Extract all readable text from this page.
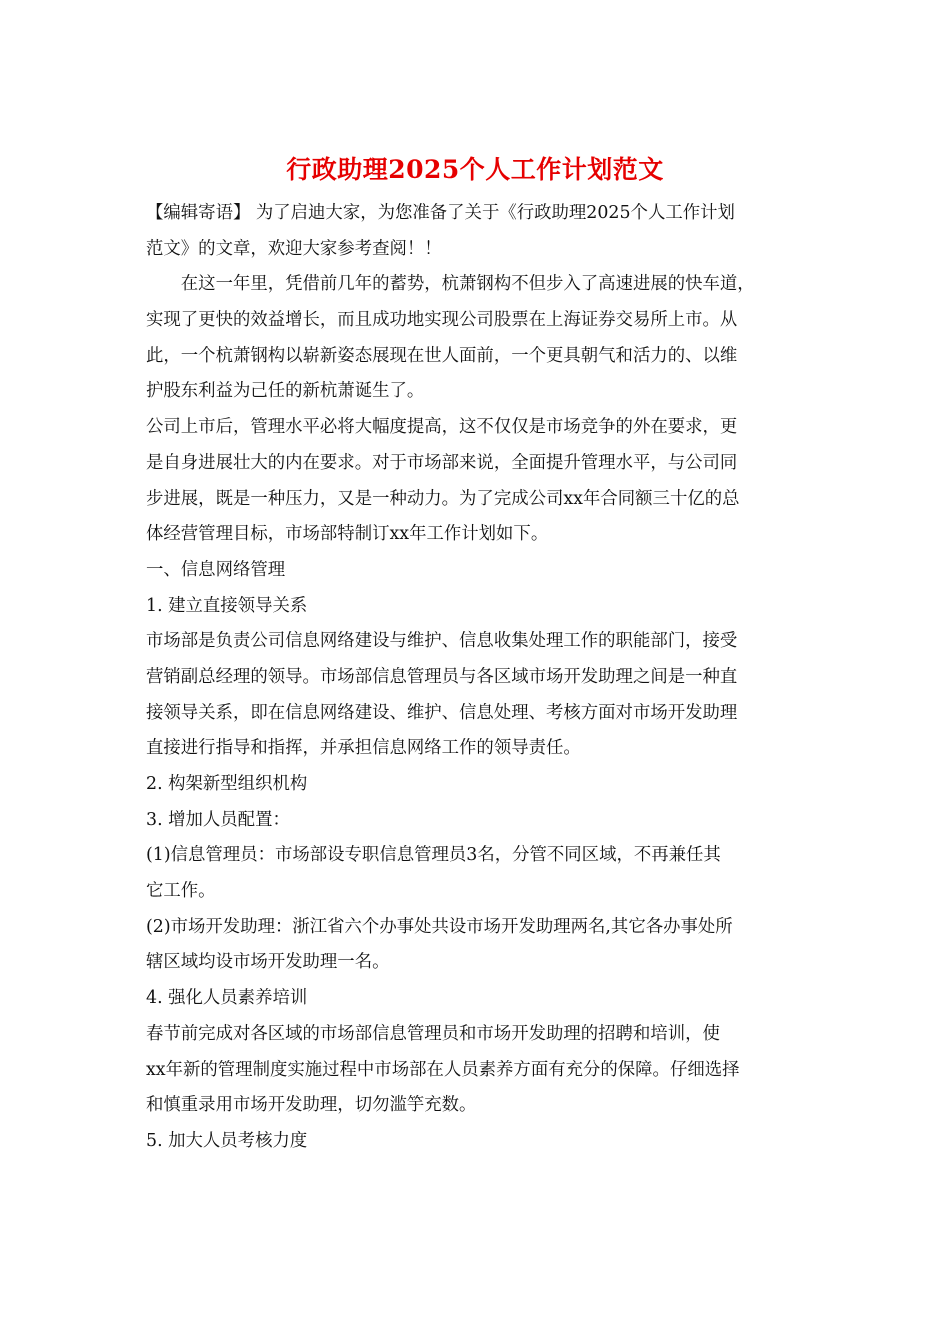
行政助理2025个人工作计划范文
【编辑寄语】 为了启迪大家，为您准备了关于《行政助理2025个人工作计划
范文》的文章，欢迎大家参考查阅！！
　　在这一年里，凭借前几年的蓄势，杭萧钢构不但步入了高速进展的快车道，
实现了更快的效益增长，而且成功地实现公司股票在上海证券交易所上市。从
此，一个杭萧钢构以崭新姿态展现在世人面前，一个更具朝气和活力的、以维
护股东利益为己任的新杭萧诞生了。
公司上市后，管理水平必将大幅度提高，这不仅仅是市场竞争的外在要求，更
是自身进展壮大的内在要求。对于市场部来说，全面提升管理水平，与公司同
步进展，既是一种压力，又是一种动力。为了完成公司xx年合同额三十亿的总
体经营管理目标，市场部特制订xx年工作计划如下。
一、信息网络管理
1. 建立直接领导关系
市场部是负责公司信息网络建设与维护、信息收集处理工作的职能部门，接受
营销副总经理的领导。市场部信息管理员与各区域市场开发助理之间是一种直
接领导关系，即在信息网络建设、维护、信息处理、考核方面对市场开发助理
直接进行指导和指挥，并承担信息网络工作的领导责任。
2. 构架新型组织机构
3. 增加人员配置：
(1)信息管理员：市场部设专职信息管理员3名，分管不同区域，不再兼任其
它工作。
(2)市场开发助理：浙江省六个办事处共设市场开发助理两名,其它各办事处所
辖区域均设市场开发助理一名。
4. 强化人员素养培训
春节前完成对各区域的市场部信息管理员和市场开发助理的招聘和培训，使
xx年新的管理制度实施过程中市场部在人员素养方面有充分的保障。仔细选择
和慎重录用市场开发助理，切勿滥竽充数。
5. 加大人员考核力度
